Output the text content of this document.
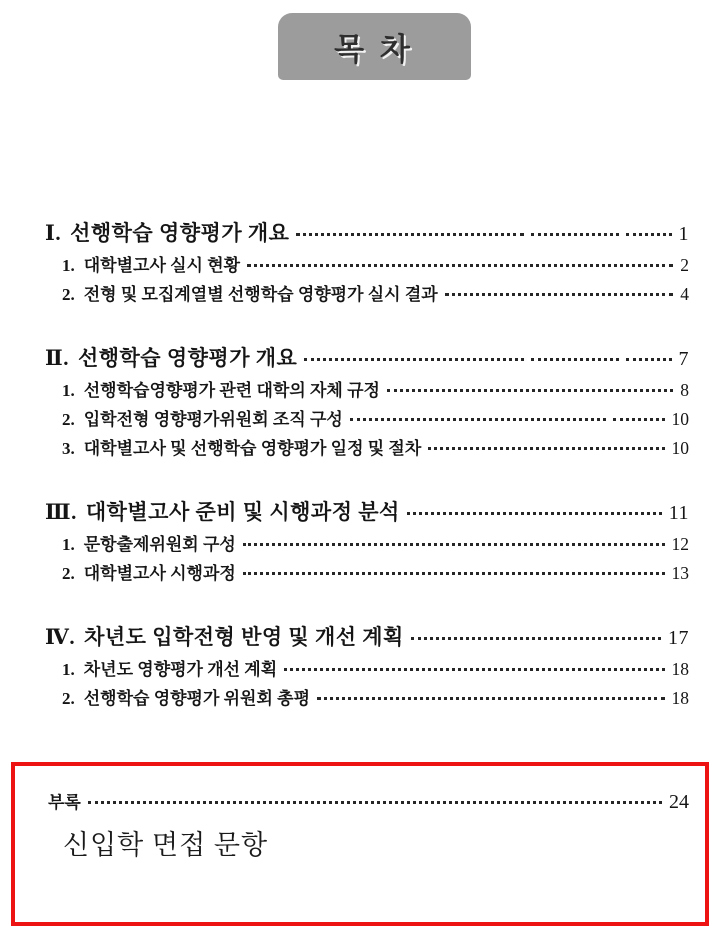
목 차
Ⅰ. 선행학습 영향평가 개요	1
1. 대학별고사 실시 현황	2
2. 전형 및 모집계열별 선행학습 영향평가 실시 결과	4
Ⅱ. 선행학습 영향평가 개요	7
1. 선행학습영향평가 관련 대학의 자체 규정	8
2. 입학전형 영향평가위원회 조직 구성	10
3. 대학별고사 및 선행학습 영향평가 일정 및 절차	10
Ⅲ. 대학별고사 준비 및 시행과정 분석	11
1. 문항출제위원회 구성	12
2. 대학별고사 시행과정	13
Ⅳ. 차년도 입학전형 반영 및 개선 계획	17
1. 차년도 영향평가 개선 계획	18
2. 선행학습 영향평가 위원회 총평	18
부록	24
신입학 면접 문항
